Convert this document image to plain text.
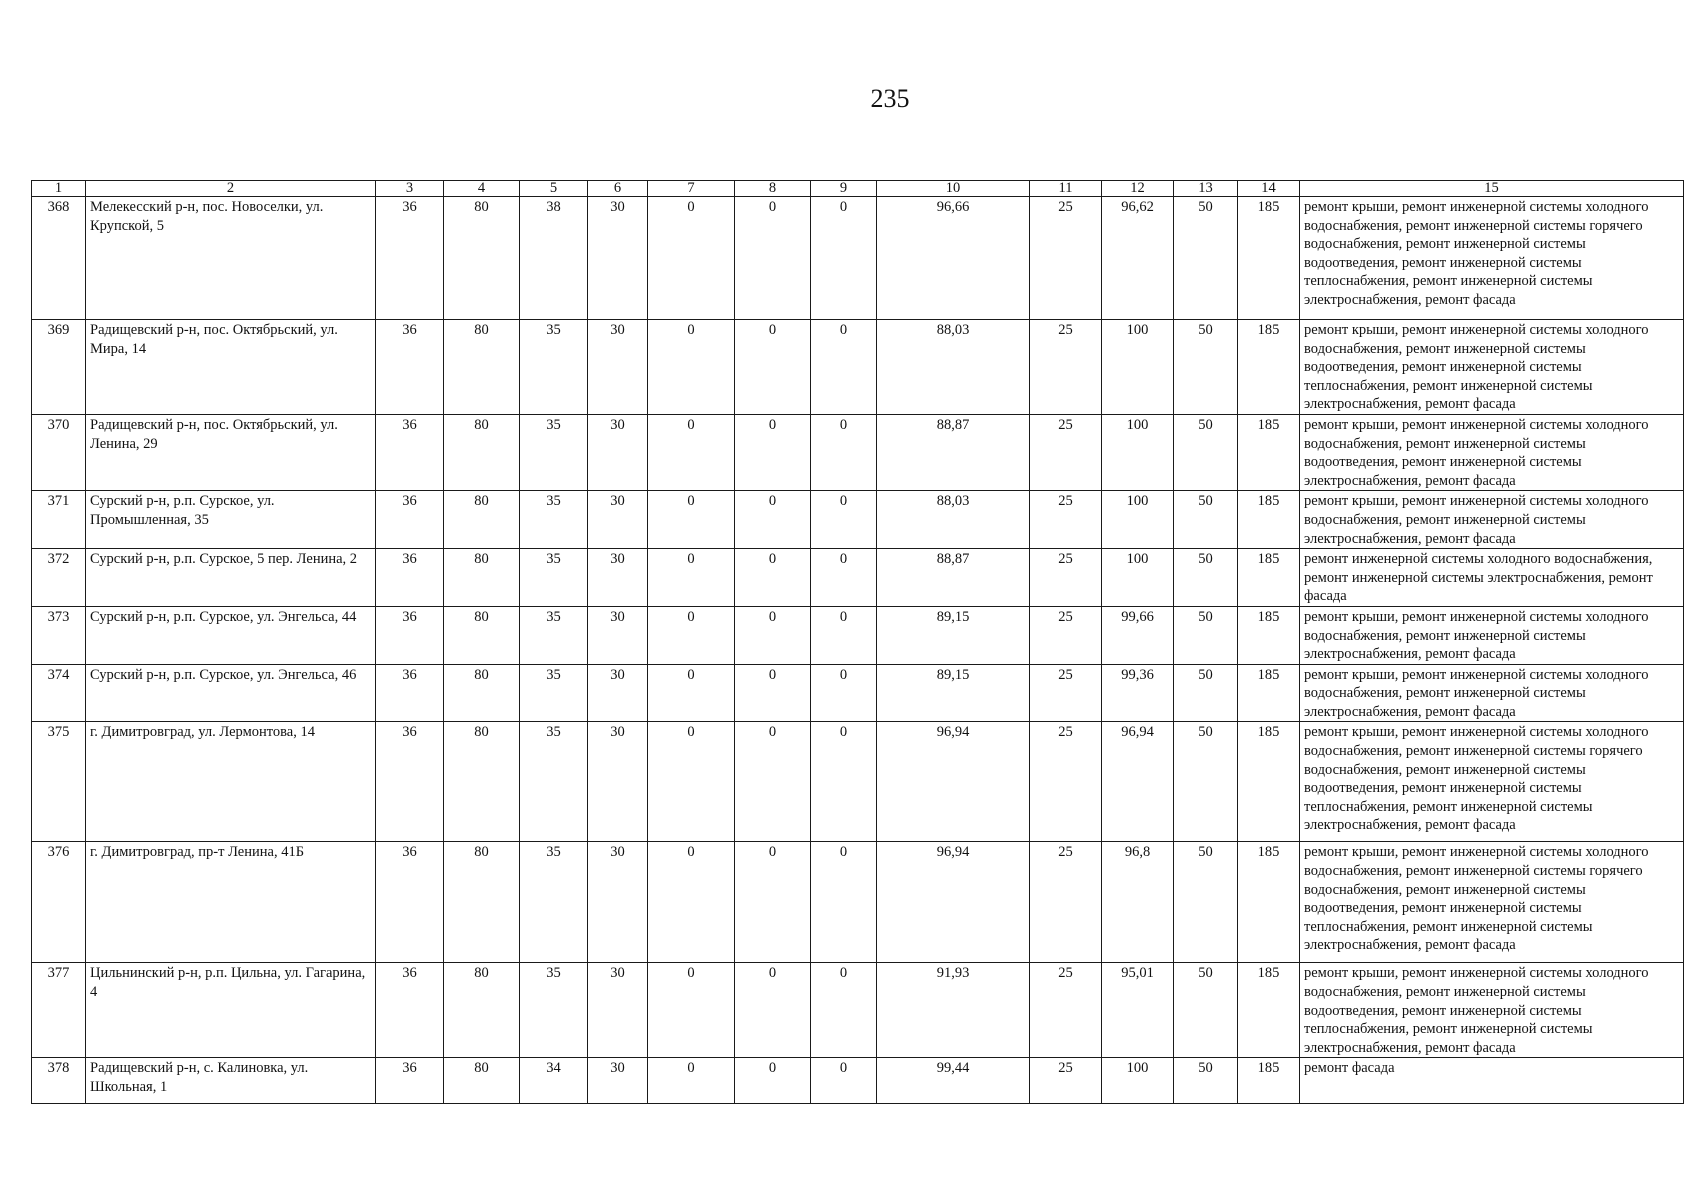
235
1	2	3	4	5	6	7	8	9	10	11	12	13	14	15
368	Мелекесский р-н, пос. Новоселки, ул. Крупской, 5	36	80	38	30	0	0	0	96,66	25	96,62	50	185	ремонт крыши, ремонт инженерной системы холодного водоснабжения, ремонт инженерной системы горячего водоснабжения, ремонт инженерной системы водоотведения, ремонт инженерной системы теплоснабжения, ремонт инженерной системы электроснабжения, ремонт фасада
369	Радищевский р-н, пос. Октябрьский, ул. Мира, 14	36	80	35	30	0	0	0	88,03	25	100	50	185	ремонт крыши, ремонт инженерной системы холодного водоснабжения, ремонт инженерной системы водоотведения, ремонт инженерной системы теплоснабжения, ремонт инженерной системы электроснабжения, ремонт фасада
370	Радищевский р-н, пос. Октябрьский, ул. Ленина, 29	36	80	35	30	0	0	0	88,87	25	100	50	185	ремонт крыши, ремонт инженерной системы холодного водоснабжения, ремонт инженерной системы водоотведения, ремонт инженерной системы электроснабжения, ремонт фасада
371	Сурский р-н, р.п. Сурское, ул. Промышленная, 35	36	80	35	30	0	0	0	88,03	25	100	50	185	ремонт крыши, ремонт инженерной системы холодного водоснабжения, ремонт инженерной системы электроснабжения, ремонт фасада
372	Сурский р-н, р.п. Сурское, 5 пер. Ленина, 2	36	80	35	30	0	0	0	88,87	25	100	50	185	ремонт инженерной системы холодного водоснабжения, ремонт инженерной системы электроснабжения, ремонт фасада
373	Сурский р-н, р.п. Сурское, ул. Энгельса, 44	36	80	35	30	0	0	0	89,15	25	99,66	50	185	ремонт крыши, ремонт инженерной системы холодного водоснабжения, ремонт инженерной системы электроснабжения, ремонт фасада
374	Сурский р-н, р.п. Сурское, ул. Энгельса, 46	36	80	35	30	0	0	0	89,15	25	99,36	50	185	ремонт крыши, ремонт инженерной системы холодного водоснабжения, ремонт инженерной системы электроснабжения, ремонт фасада
375	г. Димитровград, ул. Лермонтова, 14	36	80	35	30	0	0	0	96,94	25	96,94	50	185	ремонт крыши, ремонт инженерной системы холодного водоснабжения, ремонт инженерной системы горячего водоснабжения, ремонт инженерной системы водоотведения, ремонт инженерной системы теплоснабжения, ремонт инженерной системы электроснабжения, ремонт фасада
376	г. Димитровград, пр-т Ленина, 41Б	36	80	35	30	0	0	0	96,94	25	96,8	50	185	ремонт крыши, ремонт инженерной системы холодного водоснабжения, ремонт инженерной системы горячего водоснабжения, ремонт инженерной системы водоотведения, ремонт инженерной системы теплоснабжения, ремонт инженерной системы электроснабжения, ремонт фасада
377	Цильнинский р-н, р.п. Цильна, ул. Гагарина, 4	36	80	35	30	0	0	0	91,93	25	95,01	50	185	ремонт крыши, ремонт инженерной системы холодного водоснабжения, ремонт инженерной системы водоотведения, ремонт инженерной системы теплоснабжения, ремонт инженерной системы электроснабжения, ремонт фасада
378	Радищевский р-н, с. Калиновка, ул. Школьная, 1	36	80	34	30	0	0	0	99,44	25	100	50	185	ремонт фасада
